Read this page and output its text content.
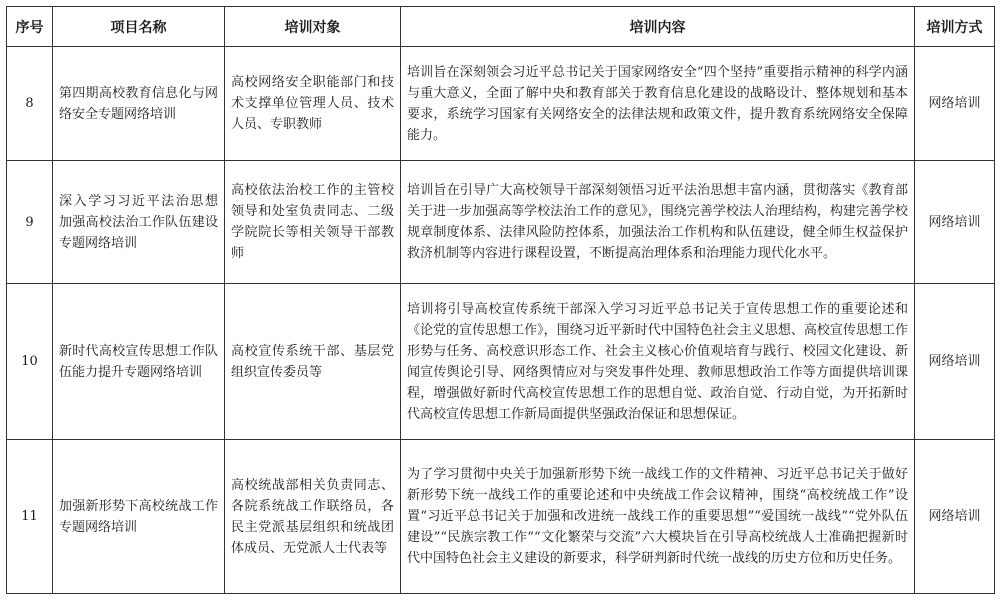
序号	项目名称	培训对象	培训内容	培训方式
8	第四期高校教育信息化与网络安全专题网络培训	高校网络安全职能部门和技术支撑单位管理人员、技术人员、专职教师	培训旨在深刻领会习近平总书记关于国家网络安全“四个坚持”重要指示精神的科学内涵与重大意义，全面了解中央和教育部关于教育信息化建设的战略设计、整体规划和基本要求，系统学习国家有关网络安全的法律法规和政策文件，提升教育系统网络安全保障能力。	网络培训
9	深入学习习近平法治思想 加强高校法治工作队伍建设专题网络培训	高校依法治校工作的主管校领导和处室负责同志、二级学院院长等相关领导干部教师	培训旨在引导广大高校领导干部深刻领悟习近平法治思想丰富内涵，贯彻落实《教育部关于进一步加强高等学校法治工作的意见》，围绕完善学校法人治理结构，构建完善学校规章制度体系、法律风险防控体系，加强法治工作机构和队伍建设，健全师生权益保护救济机制等内容进行课程设置，不断提高治理体系和治理能力现代化水平。	网络培训
10	新时代高校宣传思想工作队伍能力提升专题网络培训	高校宣传系统干部、基层党组织宣传委员等	培训将引导高校宣传系统干部深入学习习近平总书记关于宣传思想工作的重要论述和《论党的宣传思想工作》，围绕习近平新时代中国特色社会主义思想、高校宣传思想工作形势与任务、高校意识形态工作、社会主义核心价值观培育与践行、校园文化建设、新闻宣传舆论引导、网络舆情应对与突发事件处理、教师思想政治工作等方面提供培训课程，增强做好新时代高校宣传思想工作的思想自觉、政治自觉、行动自觉，为开拓新时代高校宣传思想工作新局面提供坚强政治保证和思想保证。	网络培训
11	加强新形势下高校统战工作专题网络培训	高校统战部相关负责同志、各院系统战工作联络员，各民主党派基层组织和统战团体成员、无党派人士代表等	为了学习贯彻中央关于加强新形势下统一战线工作的文件精神、习近平总书记关于做好新形势下统一战线工作的重要论述和中央统战工作会议精神，围绕“高校统战工作”设置“习近平总书记关于加强和改进统一战线工作的重要思想”“爱国统一战线”“党外队伍建设”“民族宗教工作”“文化繁荣与交流”六大模块旨在引导高校统战人士准确把握新时代中国特色社会主义建设的新要求，科学研判新时代统一战线的历史方位和历史任务。	网络培训
